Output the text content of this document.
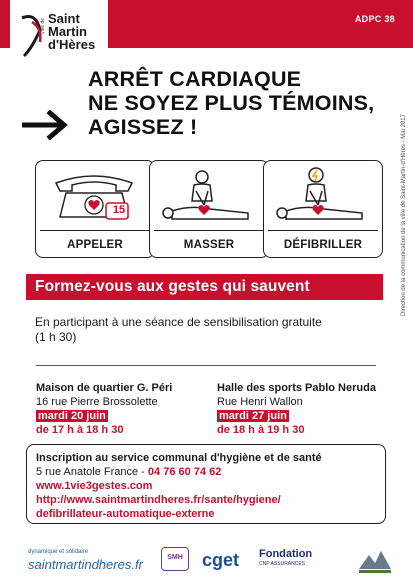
Ville de Saint
Martin
d'Hères
ADPC 38
ARRÊT CARDIAQUE
NE SOYEZ PLUS TÉMOINS,
AGISSEZ !
15
APPELER	MASSER	DÉFIBRILLER
Formez-vous aux gestes qui sauvent
En participant à une séance de sensibilisation gratuite
(1 h 30)
Maison de quartier G. Péri
16 rue Pierre Brossolette
mardi 20 juin
de 17 h à 18 h 30
Halle des sports Pablo Neruda
Rue Henri Wallon
mardi 27 juin
de 18 h à 19 h 30
Inscription au service communal d'hygiène et de santé
5 rue Anatole France - 04 76 60 74 62
www.1vie3gestes.com
http://www.saintmartindheres.fr/sante/hygiene/
defibrillateur-automatique-externe
Direction de la communication de la ville de Saint-Martin-d'Hères - Mai 2017
dynamique et solidaire
saintmartindheres.fr	SMH cget Fondation
CNP ASSURANCES
